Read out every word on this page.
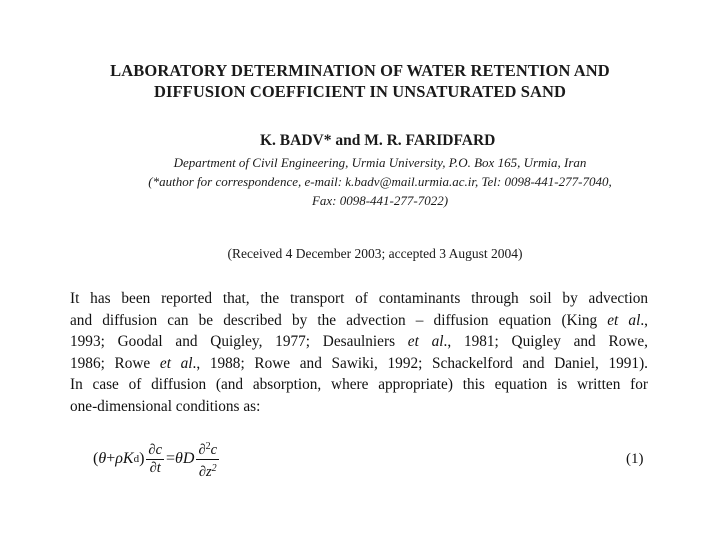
LABORATORY DETERMINATION OF WATER RETENTION AND
DIFFUSION COEFFICIENT IN UNSATURATED SAND
K. BADV* and M. R. FARIDFARD
Department of Civil Engineering, Urmia University, P.O. Box 165, Urmia, Iran
(*author for correspondence, e-mail: k.badv@mail.urmia.ac.ir, Tel: 0098-441-277-7040,
Fax: 0098-441-277-7022)
(Received 4 December 2003; accepted 3 August 2004)
It has been reported that, the transport of contaminants through soil by advection
and diffusion can be described by the advection – diffusion equation (King et al.,
1993; Goodal and Quigley, 1977; Desaulniers et al., 1981; Quigley and Rowe,
1986; Rowe et al., 1988; Rowe and Sawiki, 1992; Schackelford and Daniel, 1991).
In case of diffusion (and absorption, where appropriate) this equation is written for
one-dimensional conditions as:
( θ + ρ K d ) $\frac{\partial c}{\partial t} = \theta$ D $\frac{\partial^2c}{\partial z^2}$	(1)
